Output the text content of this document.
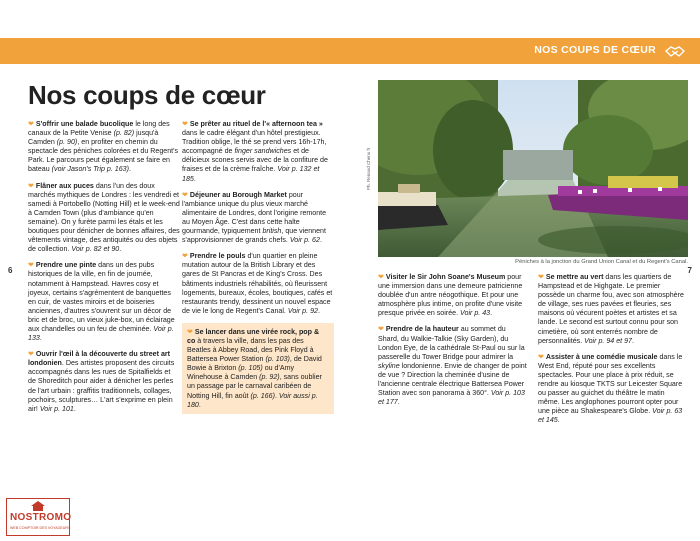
NOS COUPS DE CŒUR
Nos coups de cœur
6	7

❤ S'offrir une balade bucolique le long des canaux de la Petite Venise (p. 82) jusqu'à Camden (p. 90), en profiter en chemin du spectacle des péniches colorées et du Regent's Park. Le parcours peut également se faire en bateau (voir Jason's Trip p. 163).

❤ Flâner aux puces dans l'un des doux marchés mythiques de Londres : les vendredi et samedi à Portobello (Notting Hill) et le week-end à Camden Town (plus d'ambiance qu'en semaine). On y furète parmi les étals et les boutiques pour dénicher de bonnes affaires, des vêtements vintage, des antiquités ou des objets de collection. Voir p. 82 et 90.

❤ Prendre une pinte dans un des pubs historiques de la ville, en fin de journée, notamment à Hampstead. Havres cosy et joyeux, certains s'agrémentent de banquettes en cuir, de vastes miroirs et de boiseries anciennes, d'autres s'ouvrent sur un décor de bric et de broc, un vieux juke-box, un éclairage aux chandelles ou un feu de cheminée. Voir p. 133.

❤ Ouvrir l'œil à la découverte du street art londonien. Des artistes proposent des circuits accompagnés dans les rues de Spitalfields et de Shoreditch pour aider à dénicher les perles de l'art urbain : graffitis traditionnels, collages, pochoirs, sculptures… L'art s'exprime en plein air! Voir p. 101.

❤ Se prêter au rituel de l'« afternoon tea » dans le cadre élégant d'un hôtel prestigieux. Tradition oblige, le thé se prend vers 16h-17h, accompagné de finger sandwiches et de délicieux scones servis avec de la confiture de fraises et de la crème fraîche. Voir p. 132 et 185.

❤ Déjeuner au Borough Market pour l'ambiance unique du plus vieux marché alimentaire de Londres, dont l'origine remonte au Moyen Âge. C'est dans cette halte gourmande, typiquement british, que viennent s'approvisionner de grands chefs. Voir p. 62.

❤ Prendre le pouls d'un quartier en pleine mutation autour de la British Library et des gares de St Pancras et de King's Cross. Des bâtiments industriels réhabilités, où fleurissent logements, bureaux, écoles, boutiques, cafés et restaurants trendy, dessinent un nouvel espace de vie le long de Regent's Canal. Voir p. 92.

❤ Se lancer dans une virée rock, pop & co à travers la ville, dans les pas des Beatles à Abbey Road, des Pink Floyd à Battersea Power Station (p. 103), de David Bowie à Brixton (p. 105) ou d'Amy Winehouse à Camden (p. 92), sans oublier un passage par le carnaval caribéen de Notting Hill, fin août (p. 166). Voir aussi p. 180.

Ph. Renaud Chenu fr
Péniches à la jonction du Grand Union Canal et du Regent's Canal.

❤ Visiter le Sir John Soane's Museum pour une immersion dans une demeure patricienne doublée d'un antre néogothique. Et pour une atmosphère plus intime, on profite d'une visite presque privée en soirée. Voir p. 43.

❤ Prendre de la hauteur au sommet du Shard, du Walkie-Talkie (Sky Garden), du London Eye, de la cathédrale St-Paul ou sur la passerelle du Tower Bridge pour admirer la skyline londonienne. Envie de changer de point de vue ? Direction la cheminée d'usine de l'ancienne centrale électrique Battersea Power Station avec son panorama à 360°. Voir p. 103 et 177.

❤ Se mettre au vert dans les quartiers de Hampstead et de Highgate. Le premier possède un charme fou, avec son atmosphère de village, ses rues pavées et fleuries, ses maisons où vécurent poètes et artistes et sa lande. Le second est surtout connu pour son cimetière, où sont enterrés nombre de personnalités. Voir p. 94 et 97.

❤ Assister à une comédie musicale dans le West End, réputé pour ses excellents spectacles. Pour une place à prix réduit, se rendre au kiosque TKTS sur Leicester Square ou passer au guichet du théâtre le matin même. Les anglophones pourront opter pour une pièce au Shakespeare's Globe. Voir p. 63 et 145.

NOSTROMO
WEB COMPTOIR DES VOYAGEURS
